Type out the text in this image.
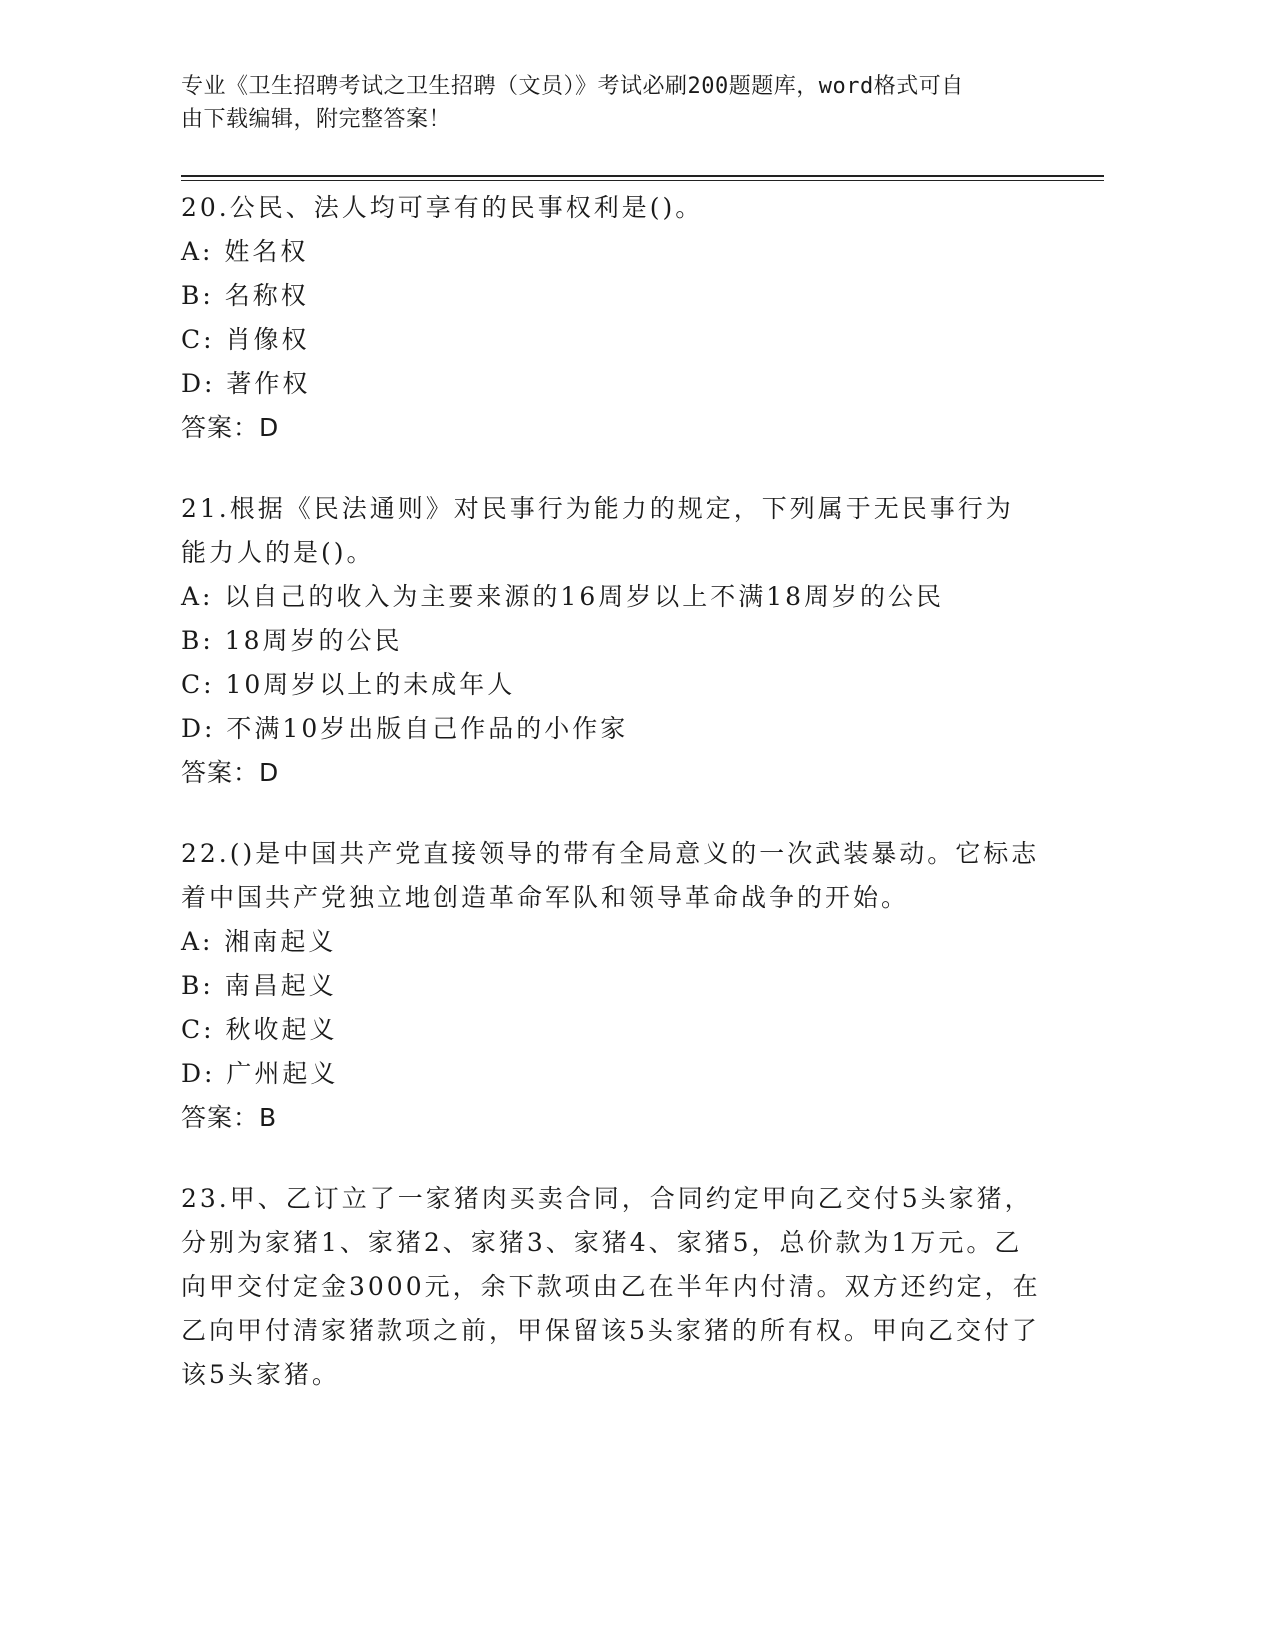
专业《卫生招聘考试之卫生招聘（文员）》考试必刷200题题库，word格式可自
由下载编辑，附完整答案！
20.公民、法人均可享有的民事权利是()。
A: 姓名权
B: 名称权
C: 肖像权
D: 著作权
答案：D
21.根据《民法通则》对民事行为能力的规定，下列属于无民事行为能力人的是()。
A: 以自己的收入为主要来源的16周岁以上不满18周岁的公民
B: 18周岁的公民
C: 10周岁以上的未成年人
D: 不满10岁出版自己作品的小作家
答案：D
22.()是中国共产党直接领导的带有全局意义的一次武装暴动。它标志着中国共产党独立地创造革命军队和领导革命战争的开始。
A: 湘南起义
B: 南昌起义
C: 秋收起义
D: 广州起义
答案：B
23.甲、乙订立了一家猪肉买卖合同，合同约定甲向乙交付5头家猪，分别为家猪1、家猪2、家猪3、家猪4、家猪5，总价款为1万元。乙向甲交付定金3000元，余下款项由乙在半年内付清。双方还约定，在乙向甲付清家猪款项之前，甲保留该5头家猪的所有权。甲向乙交付了该5头家猪。
